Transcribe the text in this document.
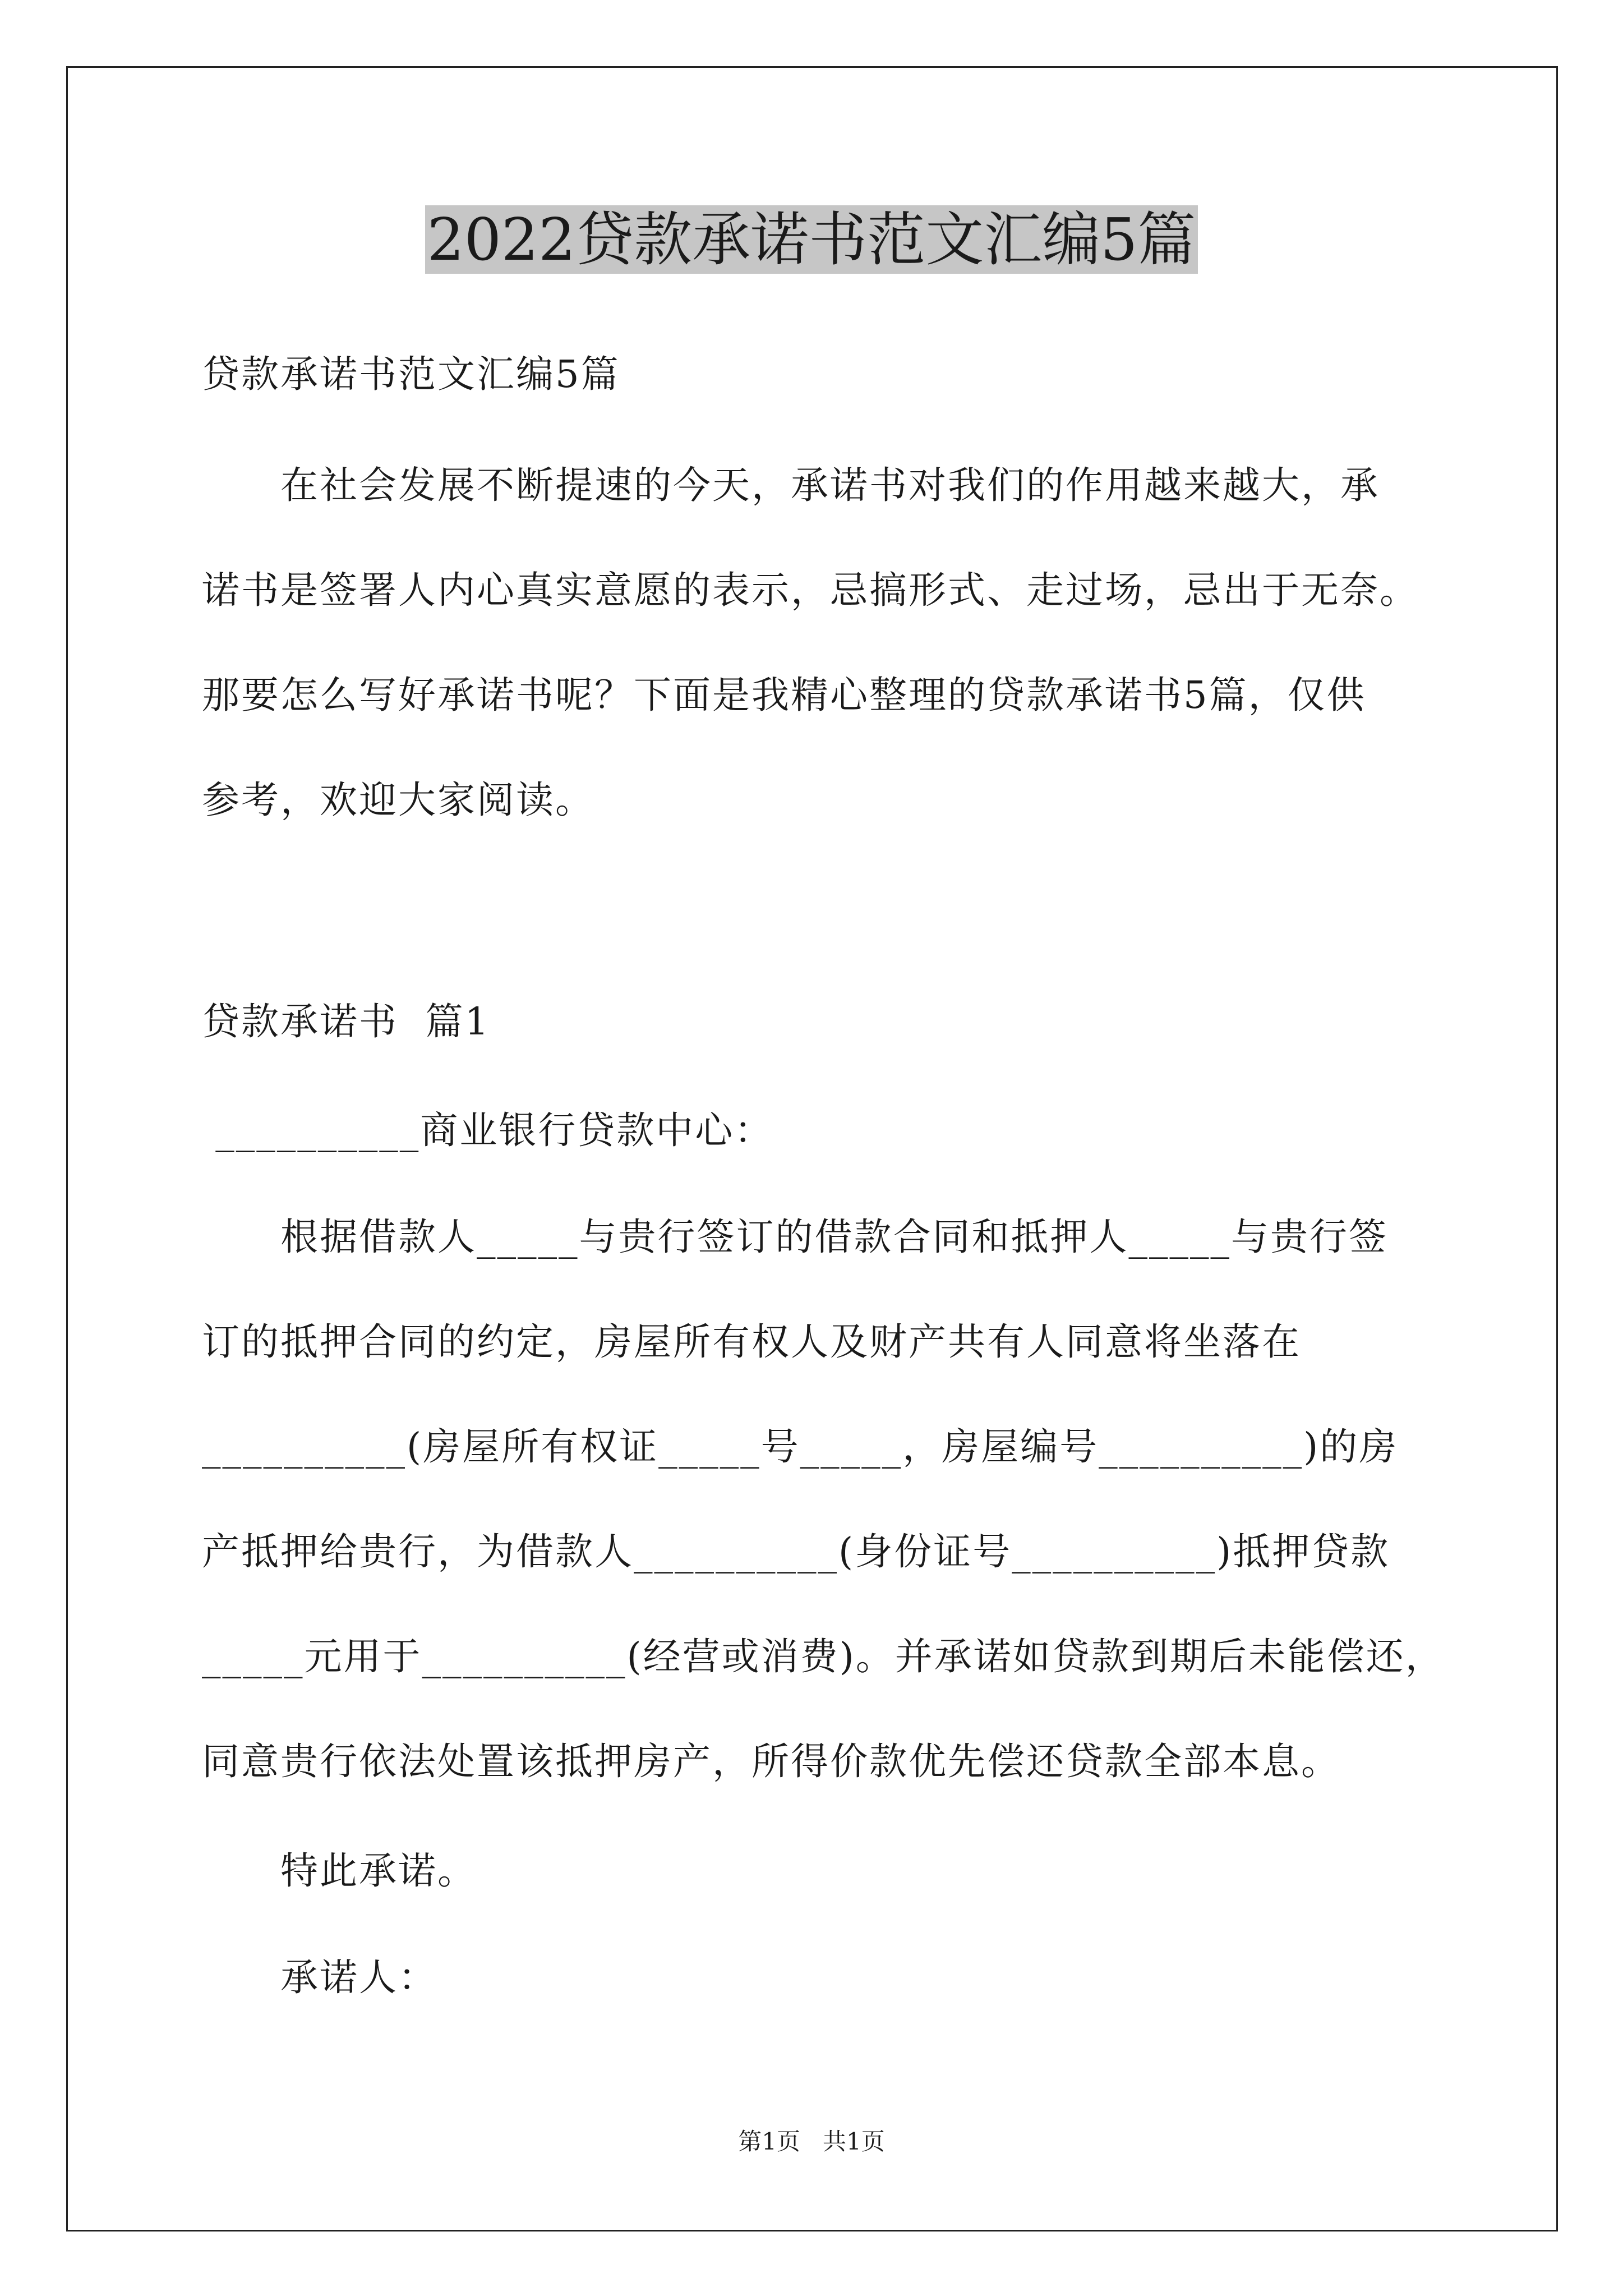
2022贷款承诺书范文汇编5篇
贷款承诺书范文汇编5篇
在社会发展不断提速的今天，承诺书对我们的作用越来越大，承
诺书是签署人内心真实意愿的表示，忌搞形式、走过场，忌出于无奈。
那要怎么写好承诺书呢？下面是我精心整理的贷款承诺书5篇，仅供
参考，欢迎大家阅读。
贷款承诺书  篇1
__________商业银行贷款中心：
根据借款人_____与贵行签订的借款合同和抵押人_____与贵行签
订的抵押合同的约定，房屋所有权人及财产共有人同意将坐落在
__________(房屋所有权证_____号_____，房屋编号__________)的房
产抵押给贵行，为借款人__________(身份证号__________)抵押贷款
_____元用于__________(经营或消费)。并承诺如贷款到期后未能偿还，
同意贵行依法处置该抵押房产，所得价款优先偿还贷款全部本息。
特此承诺。
承诺人：
第1页   共1页
